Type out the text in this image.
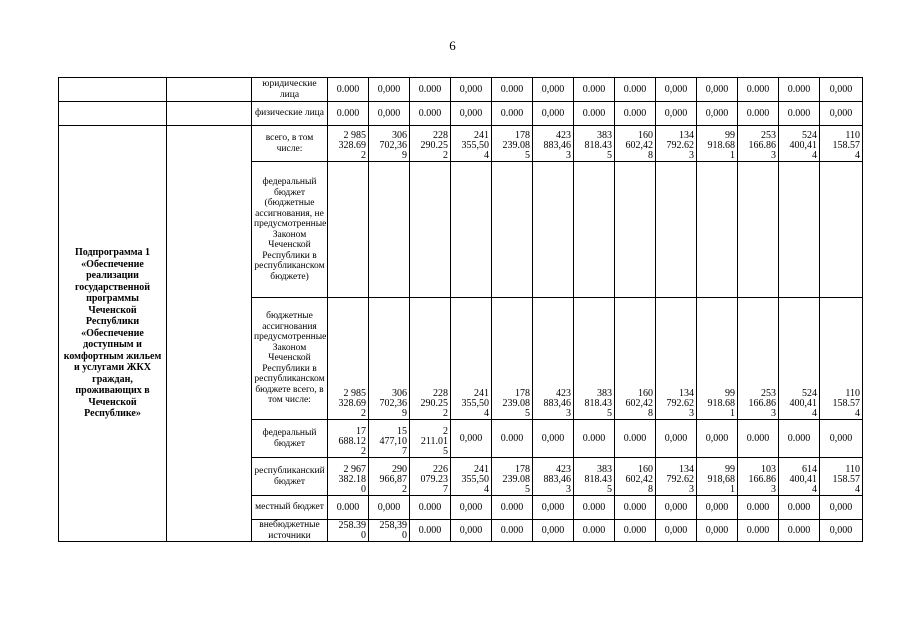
6
		юридические лица	0.000	0,000	0.000	0,000	0.000	0,000	0.000	0.000	0,000	0,000	0.000	0.000	0,000
		физические лица	0.000	0,000	0.000	0,000	0.000	0,000	0.000	0.000	0,000	0,000	0.000	0.000	0,000
Подпрограмма 1 «Обеспечение реализации государственной программы Чеченской Республики «Обеспечение доступным и комфортным жильем и услугами ЖКХ граждан, проживающих в Чеченской Республике»		всего, в том числе:	2 985
328.69
2	306
702,36
9	228
290.25
2	241
355,50
4	178
239.08
5	423
883,46
3	383
818.43
5	160
602,42
8	134
792.62
3	99
918.68
1	253
166.86
3	524
400,41
4	110
158.57
4

		федеральный бюджет (бюджетные ассигнования, не предусмотренные Законом Чеченской Республики в республиканском бюджете)													
		бюджетные ассигнования предусмотренные Законом Чеченской Республики в республиканском бюджете всего, в том числе:	2 985
328.69
2	306
702,36
9	228
290.25
2	241
355,50
4	178
239.08
5	423
883,46
3	383
818.43
5	160
602,42
8	134
792.62
3	99
918.68
1	253
166.86
3	524
400,41
4	110
158.57
4

		федеральный бюджет	17
688.12
2	15
477,10
7	2
211.01
5	0,000	0.000	0,000	0.000	0.000	0,000	0,000	0.000	0.000	0,000
		республиканский бюджет	2 967
382.18
0	290
966,87
2	226
079.23
7	241
355,50
4	178
239.08
5	423
883,46
3	383
818.43
5	160
602,42
8	134
792.62
3	99
918,68
1	103
166.86
3	614
400,41
4	110
158.57
4

		местный бюджет	0.000	0,000	0.000	0,000	0.000	0,000	0.000	0.000	0,000	0,000	0.000	0.000	0,000
		внебюджетные источники	258.39
0	258,39
0	0.000	0,000	0.000	0,000	0.000	0.000	0,000	0,000	0.000	0.000	0,000
